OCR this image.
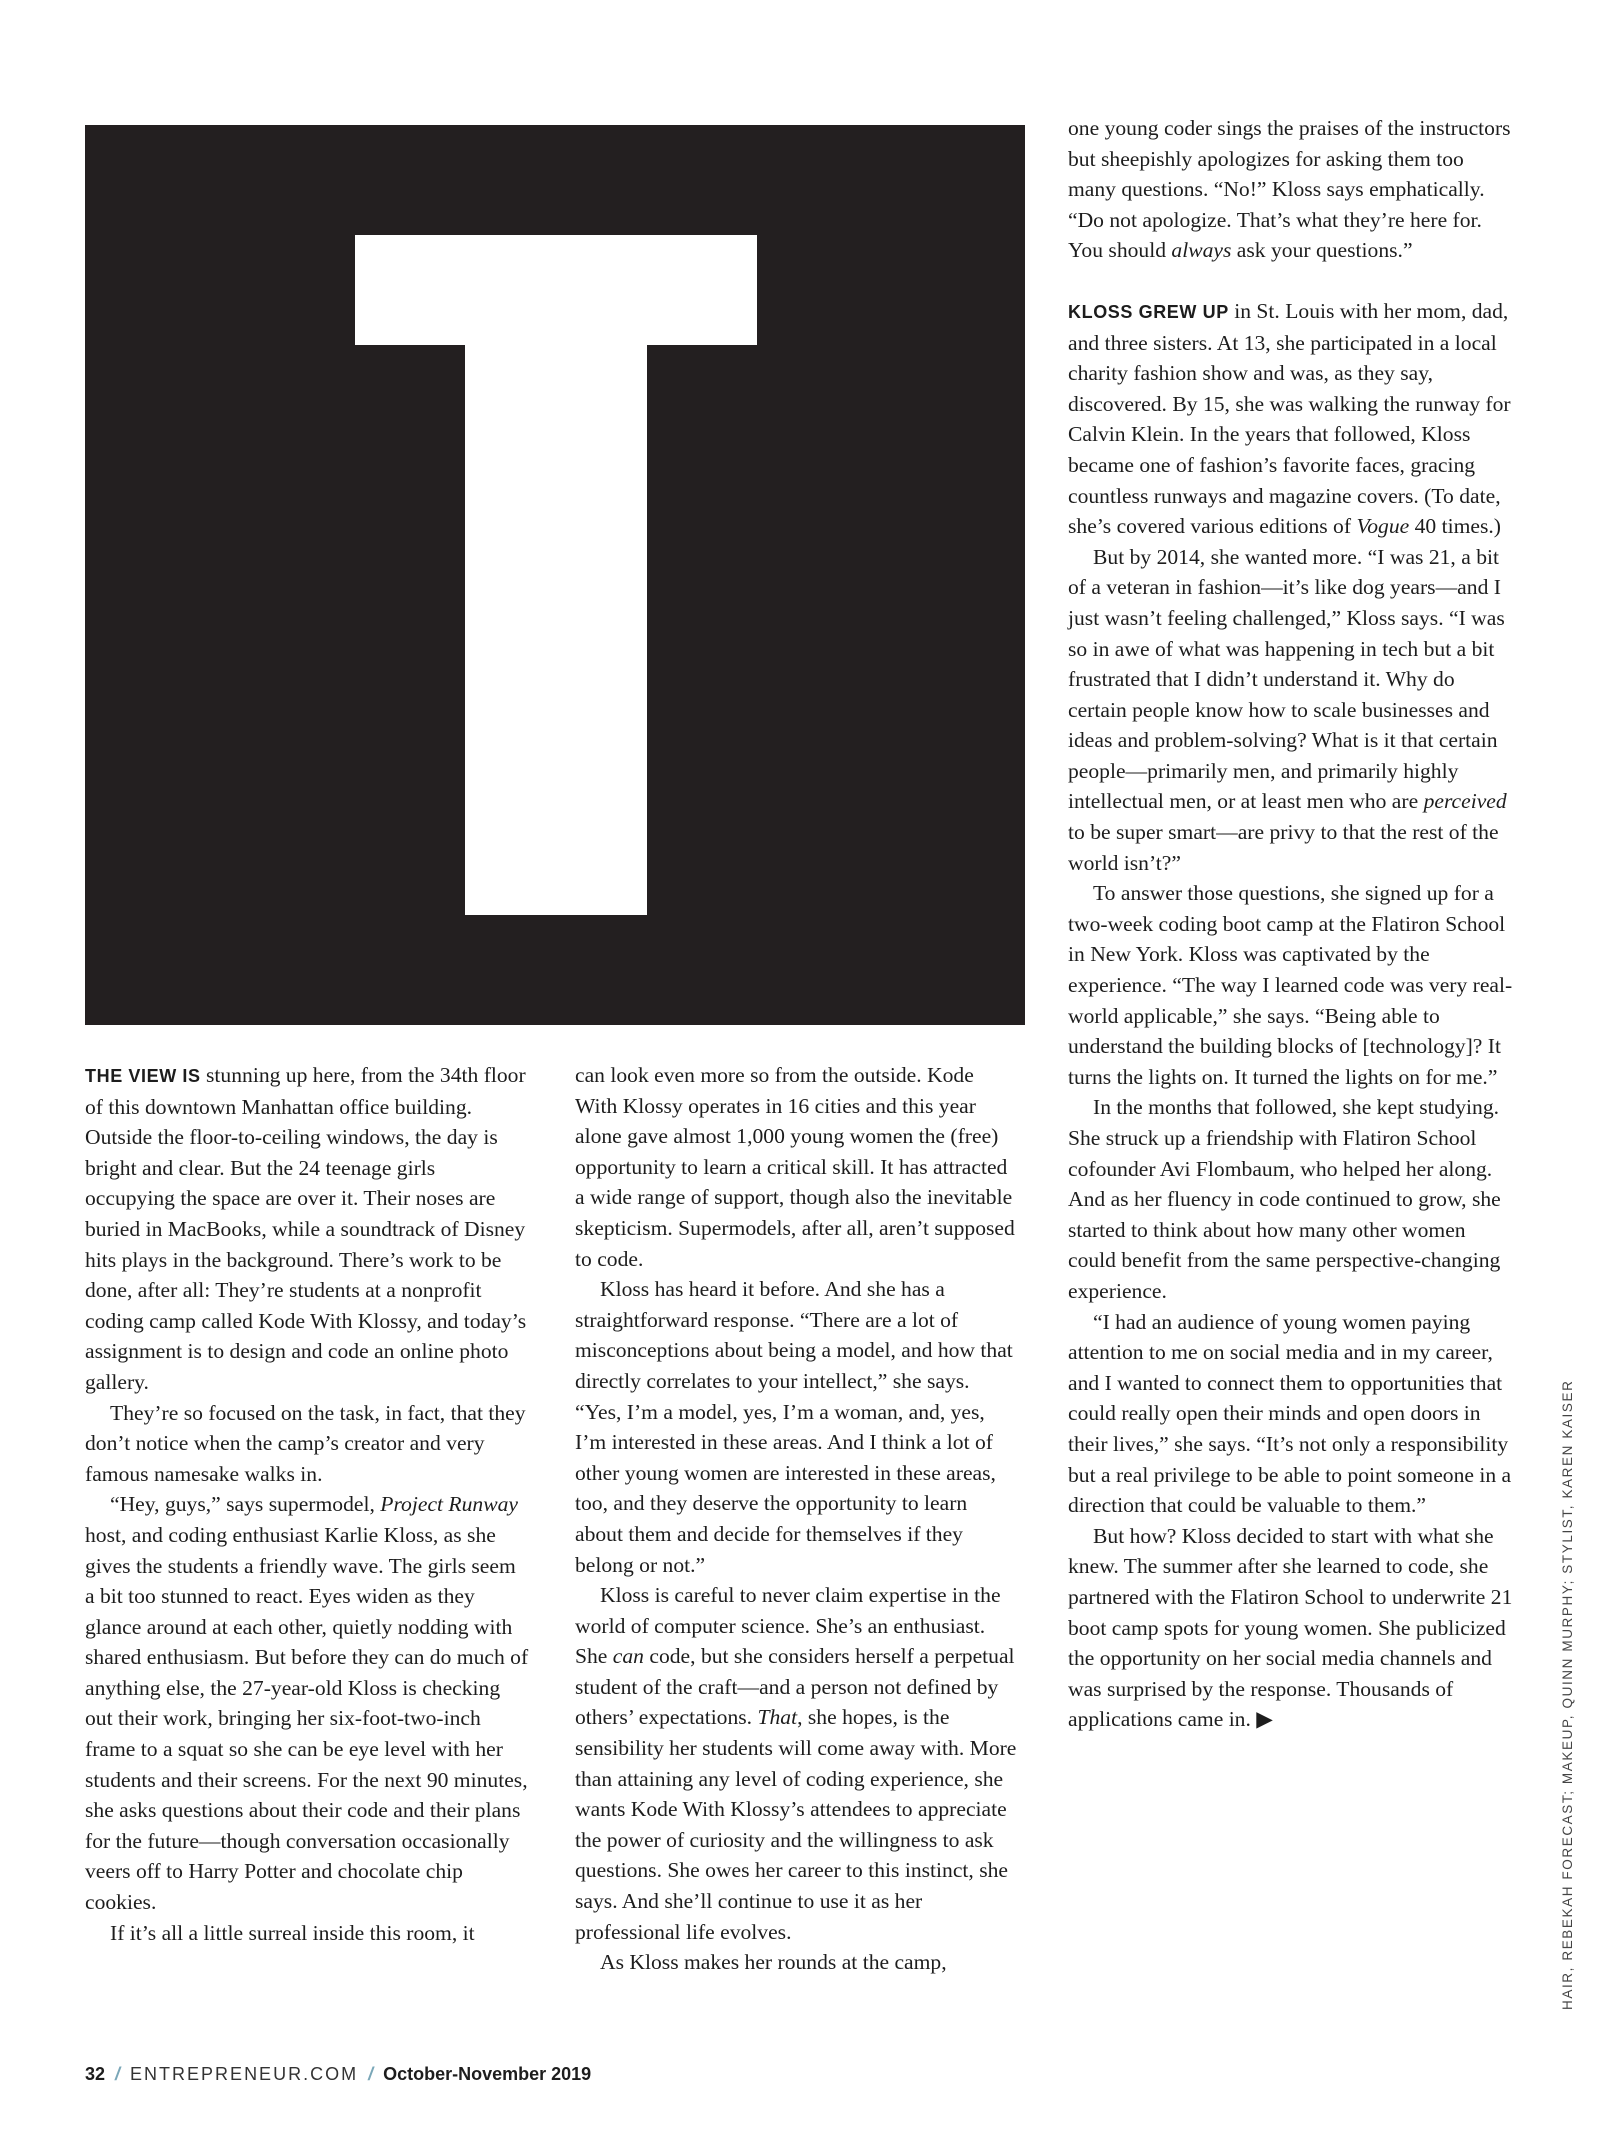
THE VIEW IS stunning up here, from the 34th floor of this downtown Manhattan office building. Outside the floor-to-ceiling windows, the day is bright and clear. But the 24 teenage girls occupying the space are over it. Their noses are buried in MacBooks, while a soundtrack of Disney hits plays in the background. There’s work to be done, after all: They’re students at a nonprofit coding camp called Kode With Klossy, and today’s assignment is to design and code an online photo gallery.

They’re so focused on the task, in fact, that they don’t notice when the camp’s creator and very famous namesake walks in.

“Hey, guys,” says supermodel, Project Runway host, and coding enthusiast Karlie Kloss, as she gives the students a friendly wave. The girls seem a bit too stunned to react. Eyes widen as they glance around at each other, quietly nodding with shared enthusiasm. But before they can do much of anything else, the 27-year-old Kloss is checking out their work, bringing her six-foot-two-inch frame to a squat so she can be eye level with her students and their screens. For the next 90 minutes, she asks questions about their code and their plans for the future—though conversation occasionally veers off to Harry Potter and chocolate chip cookies.

If it’s all a little surreal inside this room, it

can look even more so from the outside. Kode With Klossy operates in 16 cities and this year alone gave almost 1,000 young women the (free) opportunity to learn a critical skill. It has attracted a wide range of support, though also the inevitable skepticism. Supermodels, after all, aren’t supposed to code.

Kloss has heard it before. And she has a straightforward response. “There are a lot of misconceptions about being a model, and how that directly correlates to your intellect,” she says. “Yes, I’m a model, yes, I’m a woman, and, yes, I’m interested in these areas. And I think a lot of other young women are interested in these areas, too, and they deserve the opportunity to learn about them and decide for themselves if they belong or not.”

Kloss is careful to never claim expertise in the world of computer science. She’s an enthusiast. She can code, but she considers herself a perpetual student of the craft—and a person not defined by others’ expectations. That, she hopes, is the sensibility her students will come away with. More than attaining any level of coding experience, she wants Kode With Klossy’s attendees to appreciate the power of curiosity and the willingness to ask questions. She owes her career to this instinct, she says. And she’ll continue to use it as her professional life evolves.

As Kloss makes her rounds at the camp,

one young coder sings the praises of the instructors but sheepishly apologizes for asking them too many questions. “No!” Kloss says emphatically. “Do not apologize. That’s what they’re here for. You should always ask your questions.”

KLOSS GREW UP in St. Louis with her mom, dad, and three sisters. At 13, she participated in a local charity fashion show and was, as they say, discovered. By 15, she was walking the runway for Calvin Klein. In the years that followed, Kloss became one of fashion’s favorite faces, gracing countless runways and magazine covers. (To date, she’s covered various editions of Vogue 40 times.)

But by 2014, she wanted more. “I was 21, a bit of a veteran in fashion—it’s like dog years—and I just wasn’t feeling challenged,” Kloss says. “I was so in awe of what was happening in tech but a bit frustrated that I didn’t understand it. Why do certain people know how to scale businesses and ideas and problem-solving? What is it that certain people—primarily men, and primarily highly intellectual men, or at least men who are perceived to be super smart—are privy to that the rest of the world isn’t?”

To answer those questions, she signed up for a two-week coding boot camp at the Flatiron School in New York. Kloss was captivated by the experience. “The way I learned code was very real-world applicable,” she says. “Being able to understand the building blocks of [technology]? It turns the lights on. It turned the lights on for me.”

In the months that followed, she kept studying. She struck up a friendship with Flatiron School cofounder Avi Flombaum, who helped her along. And as her fluency in code continued to grow, she started to think about how many other women could benefit from the same perspective-changing experience.

“I had an audience of young women paying attention to me on social media and in my career, and I wanted to connect them to opportunities that could really open their minds and open doors in their lives,” she says. “It’s not only a responsibility but a real privilege to be able to point someone in a direction that could be valuable to them.”

But how? Kloss decided to start with what she knew. The summer after she learned to code, she partnered with the Flatiron School to underwrite 21 boot camp spots for young women. She publicized the opportunity on her social media channels and was surprised by the response. Thousands of applications came in. ▶

32 / ENTREPRENEUR.COM / October-November 2019
HAIR, REBEKAH FORECAST; MAKEUP, QUINN MURPHY; STYLIST, KAREN KAISER
